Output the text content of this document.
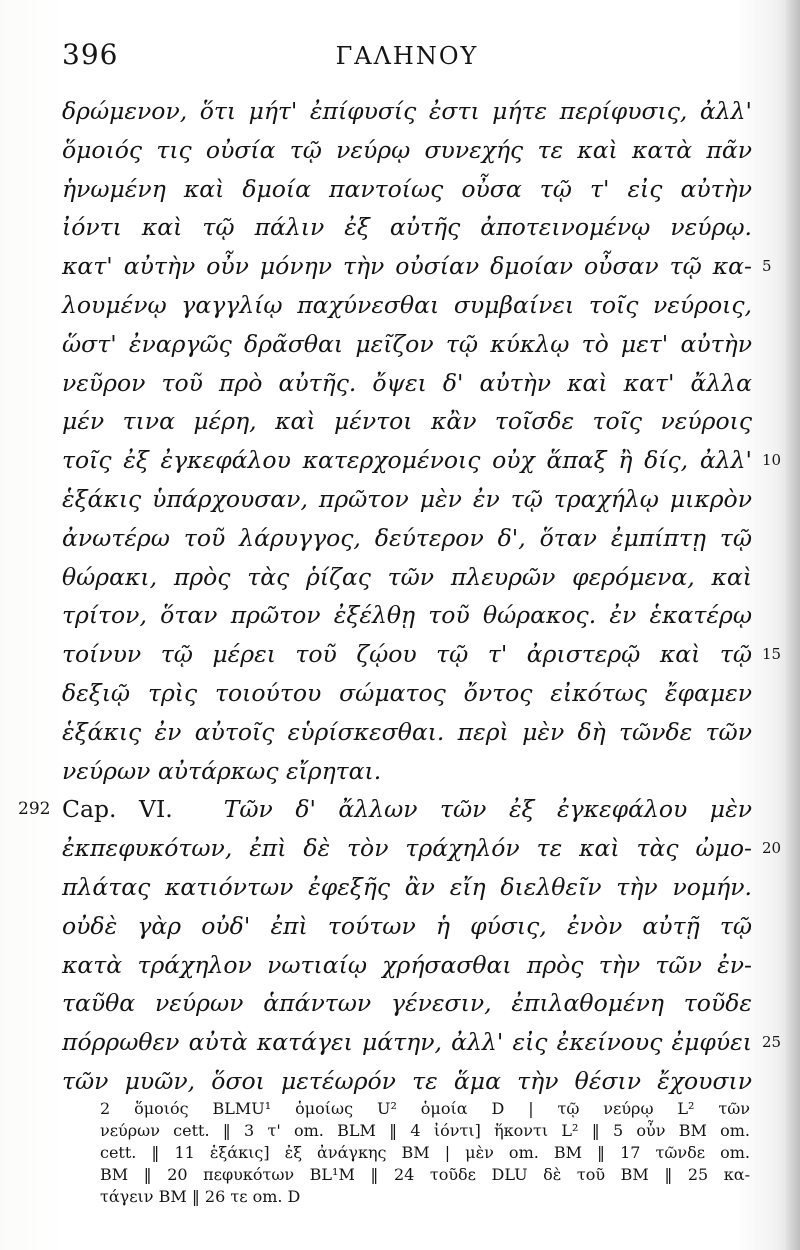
396	ΓΑΛΗΝΟΥ
δρώμενον, ὅτι μήτ' ἐπίφυσίς ἐστι μήτε περίφυσις, ἀλλ'
ὅμοιός τις οὐσία τῷ νεύρῳ συνεχής τε καὶ κατὰ πᾶν
ἡνωμένη καὶ δμοία παντοίως οὖσα τῷ τ' εἰς αὐτὴν
ἰόντι καὶ τῷ πάλιν ἐξ αὐτῆς ἀποτεινομένῳ νεύρῳ.
κατ' αὐτὴν οὖν μόνην τὴν οὐσίαν δμοίαν οὖσαν τῷ κα- 5
λουμένῳ γαγγλίῳ παχύνεσθαι συμβαίνει τοῖς νεύροις,
ὥστ' ἐναργῶς δρᾶσθαι μεῖζον τῷ κύκλῳ τὸ μετ' αὐτὴν
νεῦρον τοῦ πρὸ αὐτῆς. ὄψει δ' αὐτὴν καὶ κατ' ἄλλα
μέν τινα μέρη, καὶ μέντοι κἂν τοῖσδε τοῖς νεύροις
τοῖς ἐξ ἐγκεφάλου κατερχομένοις οὐχ ἅπαξ ἢ δίς, ἀλλ' 10
ἑξάκις ὑπάρχουσαν, πρῶτον μὲν ἐν τῷ τραχήλῳ μικρὸν
ἀνωτέρω τοῦ λάρυγγος, δεύτερον δ', ὅταν ἐμπίπτῃ τῷ
θώρακι, πρὸς τὰς ῥίζας τῶν πλευρῶν φερόμενα, καὶ
τρίτον, ὅταν πρῶτον ἐξέλθῃ τοῦ θώρακος. ἐν ἑκατέρῳ
τοίνυν τῷ μέρει τοῦ ζῴου τῷ τ' ἀριστερῷ καὶ τῷ 15
δεξιῷ τρὶς τοιούτου σώματος ὄντος εἰκότως ἔφαμεν
ἑξάκις ἐν αὐτοῖς εὑρίσκεσθαι. περὶ μὲν δὴ τῶνδε τῶν
νεύρων αὐτάρκως εἴρηται.
292 Cap. VI. Τῶν δ' ἄλλων τῶν ἐξ ἐγκεφάλου μὲν
ἐκπεφυκότων, ἐπὶ δὲ τὸν τράχηλόν τε καὶ τὰς ὠμο- 20
πλάτας κατιόντων ἐφεξῆς ἂν εἴη διελθεῖν τὴν νομήν.
οὐδὲ γὰρ οὐδ' ἐπὶ τούτων ἡ φύσις, ἐνὸν αὐτῇ τῷ
κατὰ τράχηλον νωτιαίῳ χρήσασθαι πρὸς τὴν τῶν ἐν-
ταῦθα νεύρων ἁπάντων γένεσιν, ἐπιλαθομένη τοῦδε
πόρρωθεν αὐτὰ κατάγει μάτην, ἀλλ' εἰς ἐκείνους ἐμφύει 25
τῶν μυῶν, ὅσοι μετέωρόν τε ἅμα τὴν θέσιν ἔχουσιν
2 ὅμοιός BLMU¹ ὁμοίως U² ὁμοία D | τῷ νεύρῳ L² τῶν
νεύρων cett. ‖ 3 τ' om. BLM ‖ 4 ἰόντι] ἥκοντι L² ‖ 5 οὖν BM om.
cett. ‖ 11 ἑξάκις] ἐξ ἀνάγκης BM | μὲν om. BM ‖ 17 τῶνδε om.
BM ‖ 20 πεφυκότων BL¹M ‖ 24 τοῦδε DLU δὲ τοῦ BM ‖ 25 κα-
τάγειν BM ‖ 26 τε om. D
